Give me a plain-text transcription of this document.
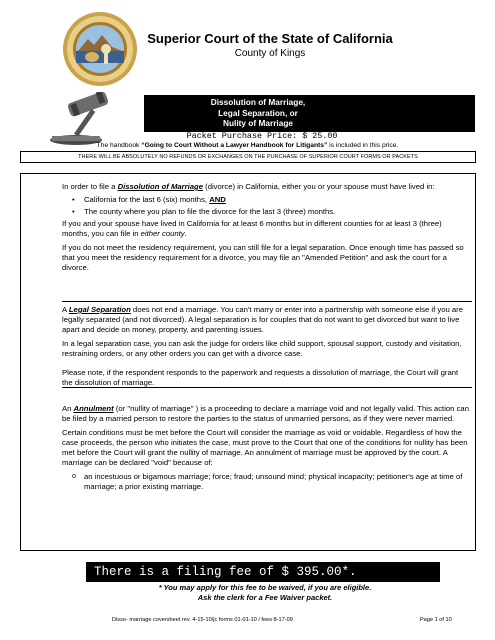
Superior Court of the State of California
County of Kings
Dissolution of Marriage,
Legal Separation, or
Nulity of Marriage
Packet Purchase Price: $ 25.00
The handbook “Going to Court Without a Lawyer Handbook for Litigants” is included in this price.
THERE WILL BE ABSOLUTELY NO REFUNDS OR EXCHANGES ON THE PURCHASE OF SUPERIOR COURT FORMS OR PACKETS

In order to file a Dissolution of Marriage (divorce) in California, either you or your spouse must have lived in:

• California for the last 6 (six) months, AND
• The county where you plan to file the divorce for the last 3 (three) months.

If you and your spouse have lived in California for at least 6 months but in different counties for at least 3 (three) months, you can file in either county.

If you do not meet the residency requirement, you can still file for a legal separation. Once enough time has passed so that you meet the residency requirement for a divorce, you may file an "Amended Petition" and ask the court for a divorce.

A Legal Separation does not end a marriage. You can't marry or enter into a partnership with someone else if you are legally separated (and not divorced). A legal separation is for couples that do not want to get divorced but want to live apart and decide on money, property, and parenting issues.

In a legal separation case, you can ask the judge for orders like child support, spousal support, custody and visitation, restraining orders, or any other orders you can get with a divorce case.

Please note, if the respondent responds to the paperwork and requests a dissolution of marriage, the Court will grant the dissolution of marriage.

An Annulment (or "nullity of marriage" ) is a proceeding to declare a marriage void and not legally valid. This action can be filed by a married person to restore the parties to the status of unmarried persons, as if they were never married.

Certain conditions must be met before the Court will consider the marriage as void or voidable. Regardless of how the case proceeds, the person who initiates the case, must prove to the Court that one of the conditions for nullity has been met before the Court will grant the nullity of marriage. An annulment of marriage must be approved by the court. A marriage can be declared "void" because of:

o an incestuous or bigamous marriage; force; fraud; unsound mind; physical incapacity; petitioner's age at time of marriage; a prior existing marriage.
There is a filing fee of $ 395.00*.
* You may apply for this fee to be waived, if you are eligible.
Ask the clerk for a Fee Waiver packet.
Disso- marriage coversheet rev. 4-15-10/jc forms 01-01-10 / fees 8-17-09	Page 1 of 10
